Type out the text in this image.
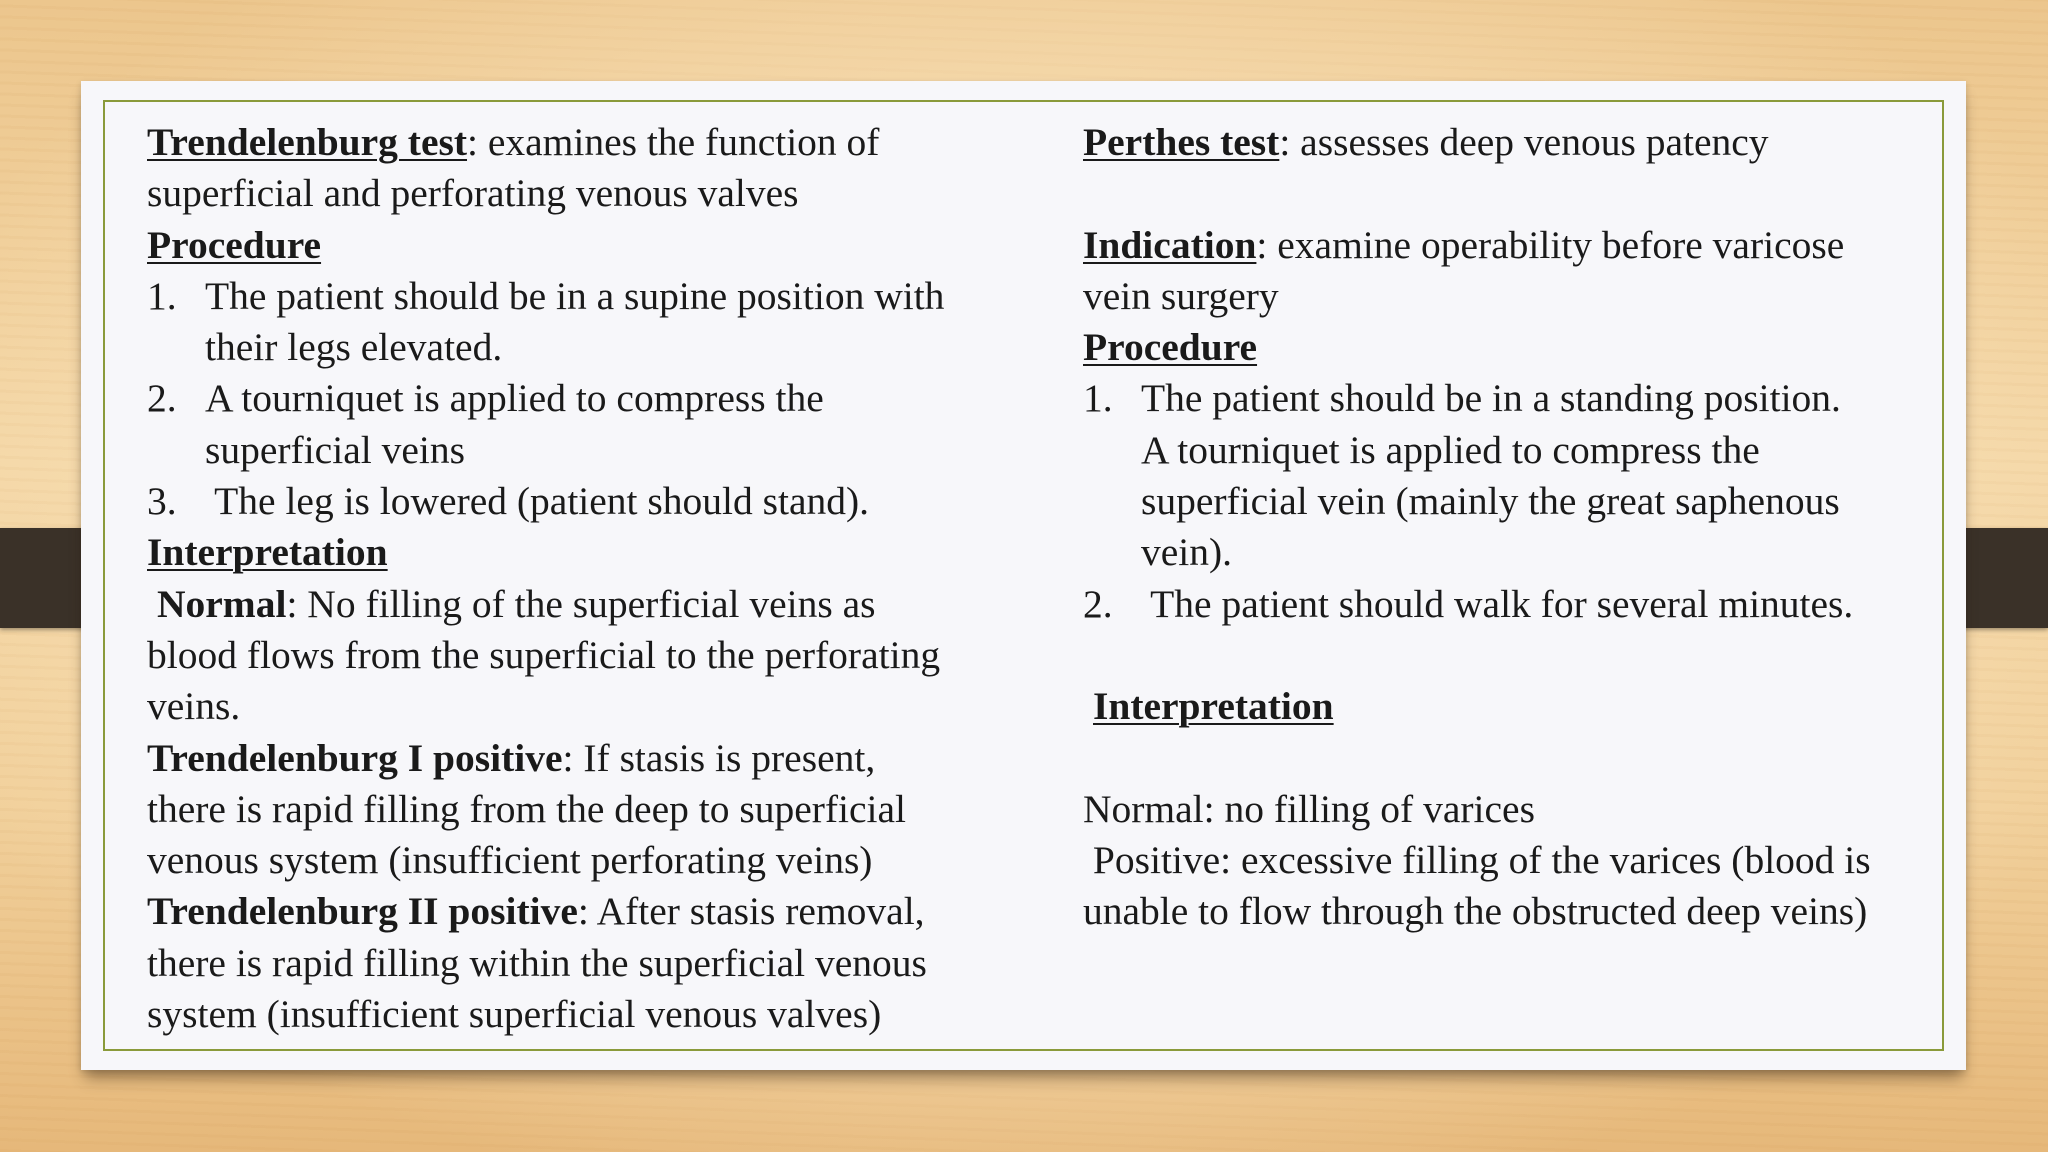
Trendelenburg test: examines the function of
superficial and perforating venous valves
Procedure
1. The patient should be in a supine position with
their legs elevated.
2. A tourniquet is applied to compress the
superficial veins
3. The leg is lowered (patient should stand).
Interpretation
Normal: No filling of the superficial veins as
blood flows from the superficial to the perforating
veins.
Trendelenburg I positive: If stasis is present,
there is rapid filling from the deep to superficial
venous system (insufficient perforating veins)
Trendelenburg II positive: After stasis removal,
there is rapid filling within the superficial venous
system (insufficient superficial venous valves)
Perthes test: assesses deep venous patency
Indication: examine operability before varicose
vein surgery
Procedure
1. The patient should be in a standing position.
A tourniquet is applied to compress the
superficial vein (mainly the great saphenous
vein).
2. The patient should walk for several minutes.
Interpretation
Normal: no filling of varices
Positive: excessive filling of the varices (blood is
unable to flow through the obstructed deep veins)
